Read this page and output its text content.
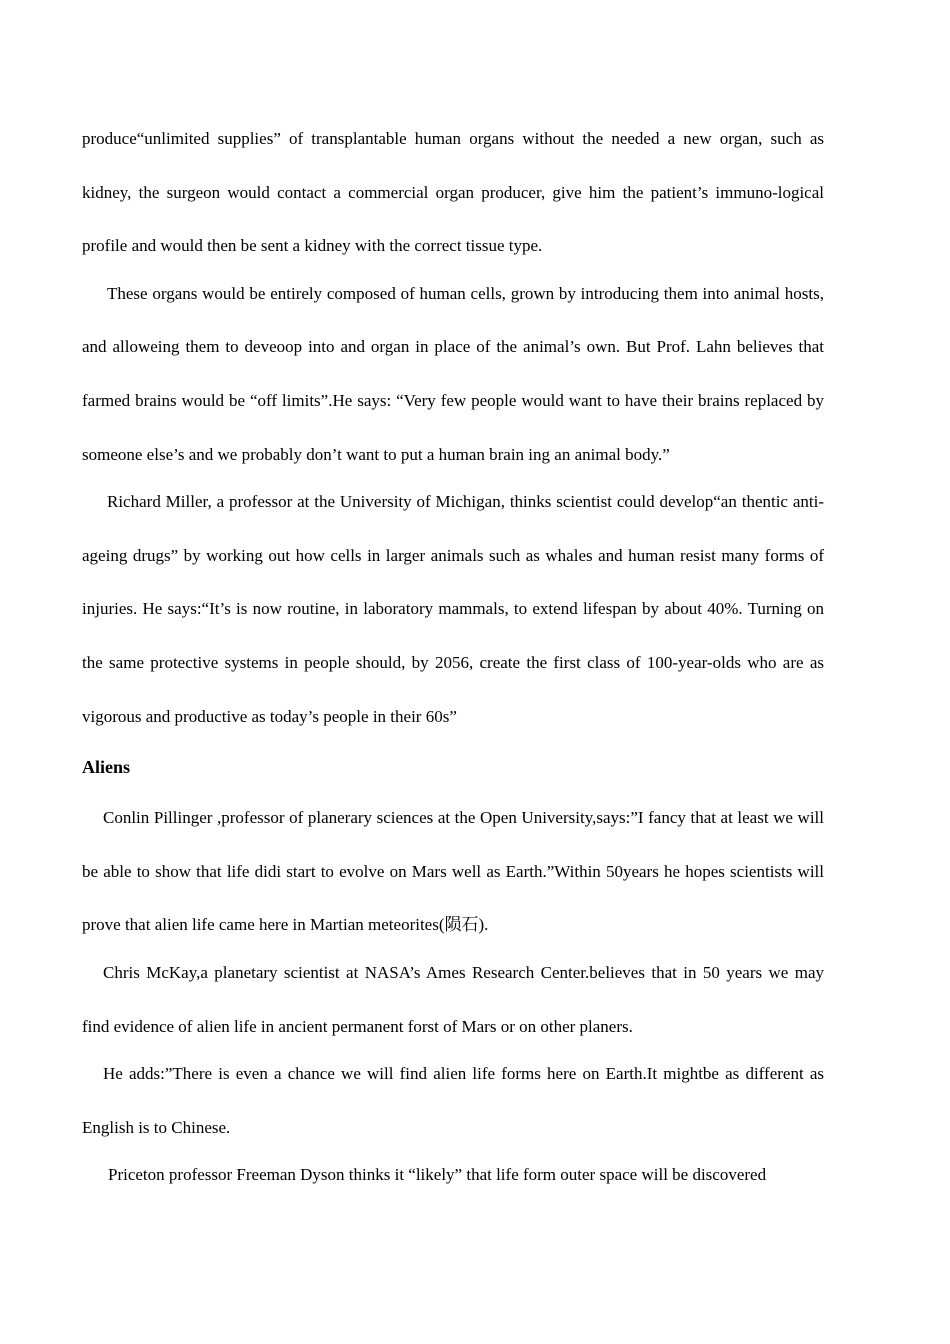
produce“unlimited supplies” of transplantable human organs without the needed a new organ, such as kidney, the surgeon would contact a commercial organ producer, give him the patient’s immuno-logical profile and would then be sent a kidney with the correct tissue type.

These organs would be entirely composed of human cells, grown by introducing them into animal hosts, and alloweing them to deveoop into and organ in place of the animal’s own. But Prof. Lahn believes that farmed brains would be “off limits”.He says: “Very few people would want to have their brains replaced by someone else’s and we probably don’t want to put a human brain ing an animal body.”

Richard Miller, a professor at the University of Michigan, thinks scientist could develop“an thentic anti-ageing drugs” by working out how cells in larger animals such as whales and human resist many forms of injuries. He says:“It’s is now routine, in laboratory mammals, to extend lifespan by about 40%. Turning on the same protective systems in people should, by 2056, create the first class of 100-year-olds who are as vigorous and productive as today’s people in their 60s”

Aliens

Conlin Pillinger ,professor of planerary sciences at the Open University,says:”I fancy that at least we will be able to show that life didi start to evolve on Mars well as Earth.”Within 50years he hopes scientists will prove that alien life came here in Martian meteorites(陨石).

Chris McKay,a planetary scientist at NASA’s Ames Research Center.believes that in 50 years we may find evidence of alien life in ancient permanent forst of Mars or on other planers.

He adds:”There is even a chance we will find alien life forms here on Earth.It mightbe as different as English is to Chinese.

Priceton professor Freeman Dyson thinks it “likely” that life form outer space will be discovered
